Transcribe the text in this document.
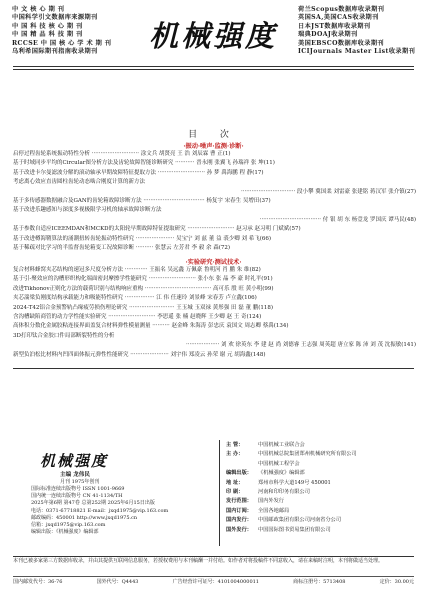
中 文 核 心 期 刊
中国科学引文数据库来源期刊
中 国 科 技 核 心 期 刊
中 国 精 品 科 技 期 刊
RCCSE 中 国 核 心 学 术 期 刊
乌利希国际期刊指南收录期刊	机械强度
荷兰Scopus数据库收录期刊
英国SA,美国CAS收录期刊
日本JST数据库收录期刊
瑞典DOAJ收录期刊
美国EBSCO数据库收录期刊
ICIJournals Master List收录期刊
目 次
·振动·噪声·监测·诊断·
启停过程齿轮系统振动特性分析 ··························· 涂文兵 胡贤亮 王 浩 刘辰霖 曹 正(1)
基于时域同步平均的Circular图分析方法及齿轮故障智能诊断研究 ··········· 晋永刚 张翼飞 孙瑞祥 张 坤(11)
基于改进卡尔曼滤波分解的滚动轴承早期故障特征提取方法 ··························· 孙 梦 禹海鹏 程 静(17)
考虑离心效应直齿圆柱齿轮动态啮合刚度计算的新方法
······························· 段小攀 冀国柔 刘雷豪 张建铭 蒋汉军 张介镇(27)
基于多传感器数据融合及GAN的齿轮箱故障诊断方法 ··································· 杨复宇 宋春生 吴增田(37)
基于改进乐趣感知与深度多视极限学习机的轴承故障诊断方法
··································· 付 银 胡 东 杨壹龙 罗国庆 谭马民(48)
基于参数自适应ICEEMDAN和MCKD的太阳轮早期故障特征提取研究 ··························· 赵习承 赵习明 门斌斌(57)
基于改进樽海鞘算法的涌潮扭转齿轮振动特性研究 ······················ 吴宝宁 刘 兹 董 益 裘少卿 刘 希飞(66)
基于稀疏对比学习的半监督齿轮箱变工况故障诊断 ·········· 张慧云 左芳君 李 毅 余 森(72)
·实验研究·测试技术·
复合材料蜂窝夹芯结构的速冠多尺度分析方法 ············· 王振名 吴远鑫 万佩豪 鲁明河 肖 鹏 朱 维(82)
基于引-聚效应的沟槽形织构化端面密封摩擦学性能研究 ··························· 张小东 张 晶 李 豪 时礼平(91)
改进Tikhonov正则化方法的载荷识别与结构响应重构 ······································ 高可乐 殷 旺 黄小明(99)
夹芯湍梁负刚度结构承载能力和吸能特性研究 ················· 江 伟 任速玲 刘景峰 宋春芳 卢立鑫(106)
2024-T42铝合金预警轨凸缘疲劳损伤理论研究 ·························· 王玉城 玉双禄 黄彤强 田 磊 董 鹏(118)
含沟槽缺陷商管的动力学性能实验研究 ··························· 李思遥 张 楠 赵晓辉 王少卿 赵 王 奇(124)
高体积分数化金属胶粘连接界面盖复合材料弹性模量测量 ·········· 赵金峰 朱海涛 彭忠庆 袁国文 周志卿 蔡禹(134)
3D打印钛合金胶口件局部断裂特性的分析
··················· 刘 欢 徐英东 李 建 赵 尚 刘德睿 王志强 周英超 唐立家 陈 沛 刘 茂 沈振敏(141)
新型负泊松比材料内凹四面体振元弹性性能研究 ······················ 刘宇伟 郑凌云 孙荣 谢 元 胡海鑫(148)
机械强度
主编 龙伟民
月刊 1975年创刊
国际标准连续出版物号 ISSN 1001-9669
国内统一连续出版物号 CN 41-1134/TH
2025年第6期 第47卷 总第252期 2025年6月15日出版
电话：0371-67718821 E-mail：jxqd1975@vip.163.com
邮政编码：450001 http://www.jxqd1975.cn
信箱：jxqd1975@vip.163.com
编辑出版：《机械强度》编辑部
主 管：	中国机械工业联合会
主 办：	中国机械总院集团郑州机械研究所有限公司
中国机械工程学会
编辑出版：	《机械强度》编辑部
地 址：	郑州市科学大道149号 450001
印 刷：	河南和印印务有限公司
发行范围：	国内外发行
国内订阅：	全国各地邮局
国内发行：	中国邮政集团有限公司河南省分公司
国外发行：	中国国际图书贸易集团有限公司
本刊已被多家第三方数据库收录，并由其提供互联网信息服务，若授权费用与本刊稿酬一并付给。如作者对将投稿件不同意收入，请在来稿时注明，本刊将做适当处理。
国内邮发代号：36-76	国外代号：Q4443	广告经营许可证号：4101004000011	商标注册号：5713408	定价：30.00元
